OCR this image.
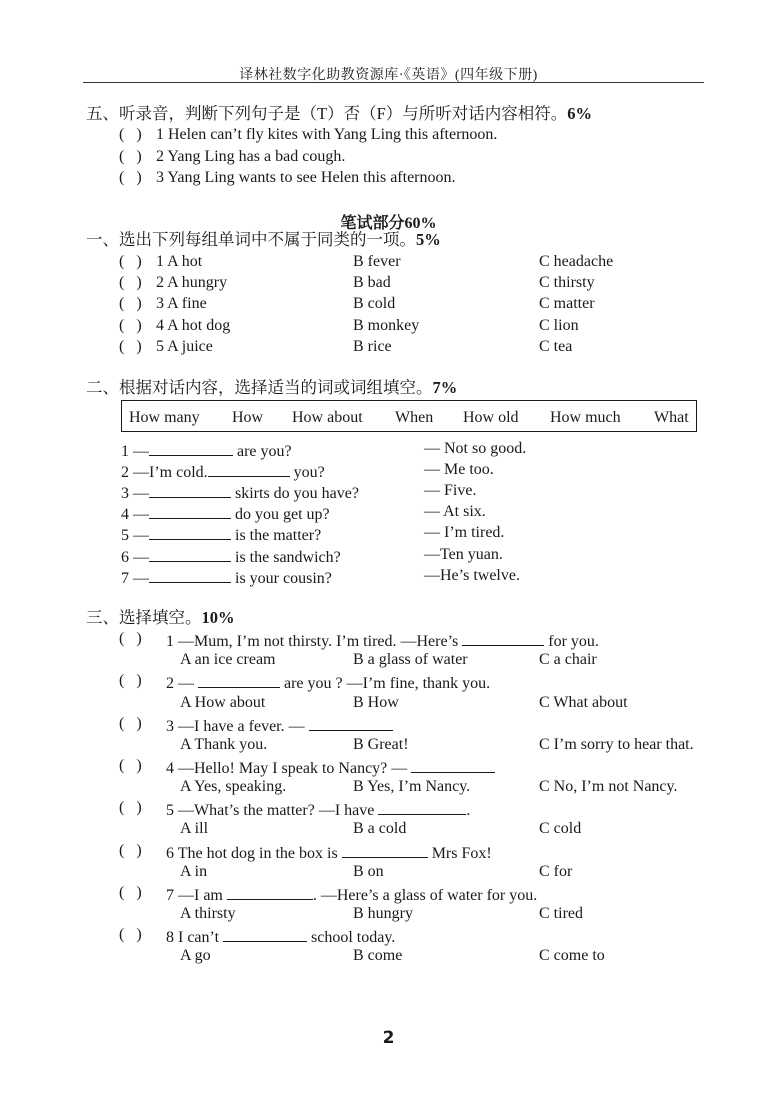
译林社数字化助教资源库·《英语》(四年级下册)
五、听录音，判断下列句子是（T）否（F）与所听对话内容相符。6%
(   ) 1 Helen can’t fly kites with Yang Ling this afternoon.
(   ) 2 Yang Ling has a bad cough.
(   ) 3 Yang Ling wants to see Helen this afternoon.
笔试部分60%
一、选出下列每组单词中不属于同类的一项。5%
(   ) 1 A hot	B fever	C headache
(   ) 2 A hungry	B bad	C thirsty
(   ) 3 A fine	B cold	C matter
(   ) 4 A hot dog	B monkey	C lion
(   ) 5 A juice	B rice	C tea
二、根据对话内容，选择适当的词或词组填空。7%
How many How How about When How old How much What
1 —	are you?	— Not so good.
2 —I’m cold.	you?	— Me too.
3 —	skirts do you have?	— Five.
4 —	do you get up?	— At six.
5 —	is the matter?	— I’m tired.
6 —	is the sandwich?	—Ten yuan.
7 —	is your cousin?	—He’s twelve.
三、选择填空。10%
(   ) 1 —Mum, I’m not thirsty. I’m tired. —Here’s	for you.
A an ice cream	B a glass of water	C a chair
(   ) 2 —	are you ? —I’m fine, thank you.
A How about	B How	C What about
(   ) 3 —I have a fever. —
A Thank you.	B Great!	C I’m sorry to hear that.
(   ) 4 —Hello! May I speak to Nancy? —
A Yes, speaking.	B Yes, I’m Nancy.	C No, I’m not Nancy.
(   ) 5 —What’s the matter? —I have	.
A ill	B a cold	C cold
(   ) 6 The hot dog in the box is	Mrs Fox!
A in	B on	C for
(   ) 7 —I am	. —Here’s a glass of water for you.
A thirsty	B hungry	C tired
(   ) 8 I can’t	school today.
A go	B come	C come to
2
